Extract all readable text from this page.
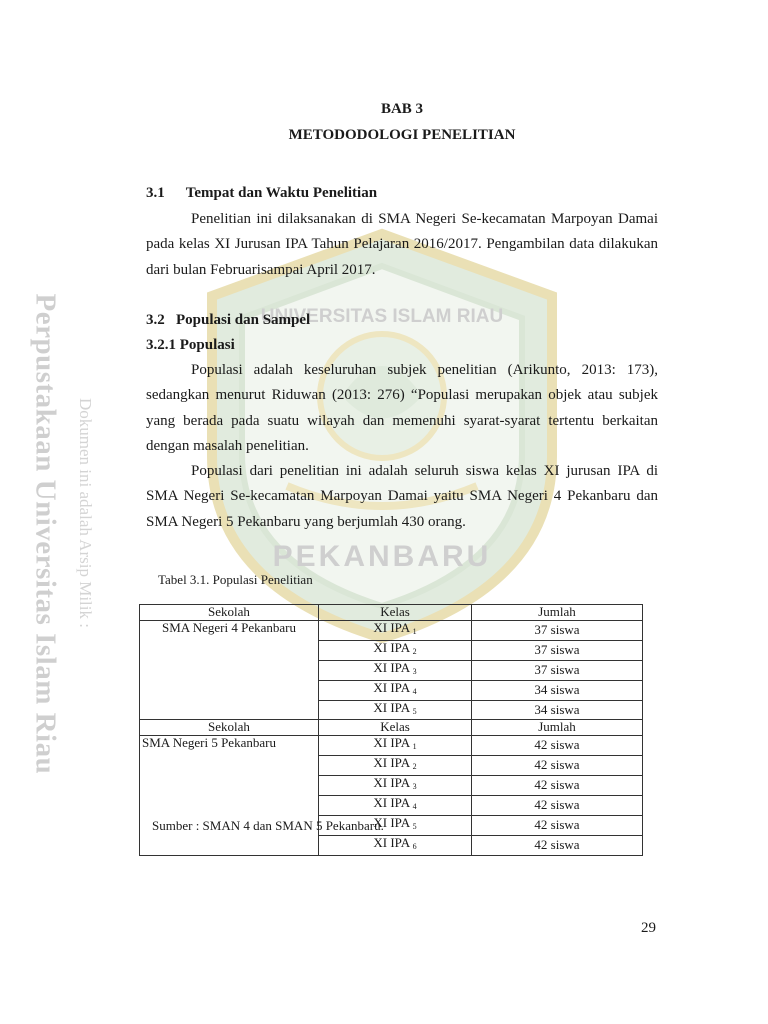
UNIVERSITAS ISLAM RIAU
PEKANBARU
Perpustakaan Universitas Islam Riau Dokumen ini adalah Arsip Milik :
BAB 3
METODODOLOGI PENELITIAN
3.1 Tempat dan Waktu Penelitian
Penelitian ini dilaksanakan di SMA Negeri Se-kecamatan Marpoyan Damai pada kelas XI Jurusan IPA Tahun Pelajaran 2016/2017. Pengambilan data dilakukan dari bulan Februarisampai April 2017.
3.2   Populasi dan Sampel
3.2.1 Populasi
Populasi adalah keseluruhan subjek penelitian (Arikunto, 2013: 173), sedangkan menurut Riduwan (2013: 276) “Populasi merupakan objek atau subjek yang berada pada suatu wilayah dan memenuhi syarat-syarat tertentu berkaitan dengan masalah penelitian.
Populasi dari penelitian ini adalah seluruh siswa kelas XI jurusan IPA di SMA Negeri Se-kecamatan Marpoyan Damai yaitu SMA Negeri 4 Pekanbaru dan SMA Negeri 5 Pekanbaru yang berjumlah 430 orang.
Tabel 3.1. Populasi Penelitian
Sekolah	Kelas	Jumlah
SMA Negeri 4 Pekanbaru	XI IPA $_1$	37 siswa
	XI IPA $_2$	37 siswa
	XI IPA $_3$	37 siswa
	XI IPA $_4$	34 siswa
	XI IPA $_5$	34 siswa
Sekolah	Kelas	Jumlah
SMA Negeri 5 Pekanbaru	XI IPA $_1$	42 siswa
	XI IPA $_2$	42 siswa
	XI IPA $_3$	42 siswa
	XI IPA $_4$	42 siswa
	XI IPA $_5$	42 siswa
	XI IPA $_6$	42 siswa
Sumber : SMAN 4 dan SMAN 5 Pekanbaru.
29
